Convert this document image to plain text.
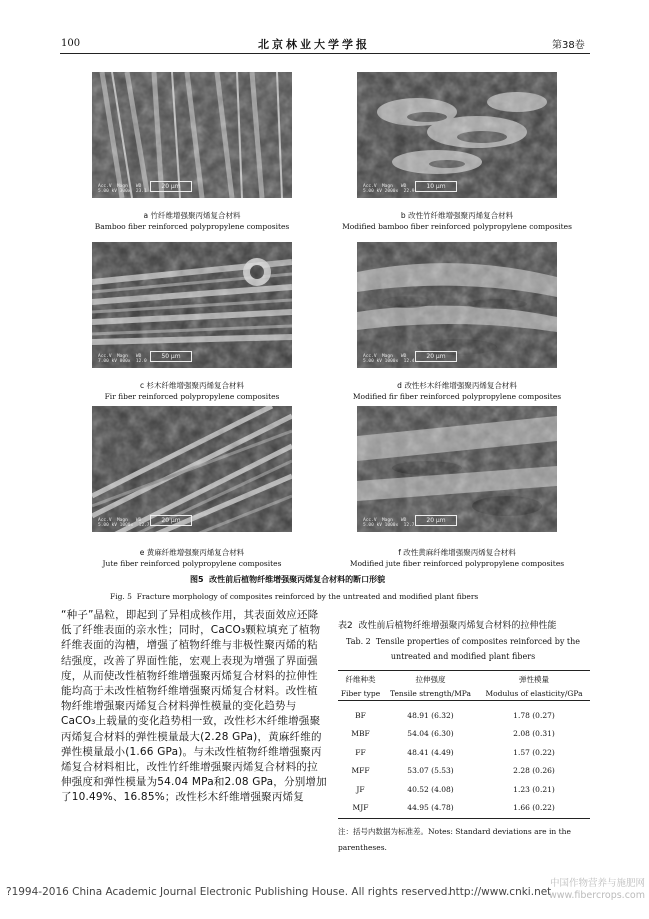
100	北京林业大学学报	第38卷
Acc.V  Magn   WD
5.00 kV 300x  23.1
20 μm
a 竹纤维增强聚丙烯复合材料
Bamboo fiber reinforced polypropylene composites
Acc.V  Magn   WD
5.00 kV 2000x  22.9
10 μm
b 改性竹纤维增强聚丙烯复合材料
Modified bamboo fiber reinforced polypropylene composites
Acc.V  Magn   WD
7.00 kV 800x  12.0
50 μm
c 杉木纤维增强聚丙烯复合材料
Fir fiber reinforced polypropylene composites
Acc.V  Magn   WD
5.00 kV 1000x  12.4
20 μm
d 改性杉木纤维增强聚丙烯复合材料
Modified fir fiber reinforced polypropylene composites
Acc.V  Magn   WD
5.00 kV 1000x  12.7
20 μm
e 黄麻纤维增强聚丙烯复合材料
Jute fiber reinforced polypropylene composites
Acc.V  Magn   WD
5.00 kV 1000x  12.7
20 μm
f 改性黄麻纤维增强聚丙烯复合材料
Modified jute fiber reinforced polypropylene composites
图5 改性前后植物纤维增强聚丙烯复合材料的断口形貌
Fig. 5 Fracture morphology of composites reinforced by the untreated and modified plant fibers

“种子”晶粒，即起到了异相成核作用，其表面效应还降低了纤维表面的亲水性；同时，CaCO₃颗粒填充了植物纤维表面的沟槽，增强了植物纤维与非极性聚丙烯的粘结强度，改善了界面性能，宏观上表现为增强了界面强度，从而使改性植物纤维增强聚丙烯复合材料的拉伸性能均高于未改性植物纤维增强聚丙烯复合材料。改性植物纤维增强聚丙烯复合材料弹性模量的变化趋势与CaCO₃上载量的变化趋势相一致，改性杉木纤维增强聚丙烯复合材料的弹性模量最大(2.28 GPa)，黄麻纤维的弹性模量最小(1.66 GPa)。与未改性植物纤维增强聚丙烯复合材料相比，改性竹纤维增强聚丙烯复合材料的拉伸强度和弹性模量为54.04 MPa和2.08 GPa，分别增加了10.49%、16.85%；改性杉木纤维增强聚丙烯复

表2 改性前后植物纤维增强聚丙烯复合材料的拉伸性能
Tab. 2 Tensile properties of composites reinforced by the untreated and modified plant fibers
纤维种类	拉伸强度	弹性模量
Fiber type	Tensile strength/MPa	Modulus of elasticity/GPa

BF	48.91 (6.32)	1.78 (0.27)
MBF	54.04 (6.30)	2.08 (0.31)
FF	48.41 (4.49)	1.57 (0.22)
MFF	53.07 (5.53)	2.28 (0.26)
JF	40.52 (4.08)	1.23 (0.21)
MJF	44.95 (4.78)	1.66 (0.22)
注：括号内数据为标准差。Notes: Standard deviations are in the parentheses.
?1994-2016 China Academic Journal Electronic Publishing House. All rights reserved.
http://www.cnki.net
中国作物营养与施肥网 www.fibercrops.com
